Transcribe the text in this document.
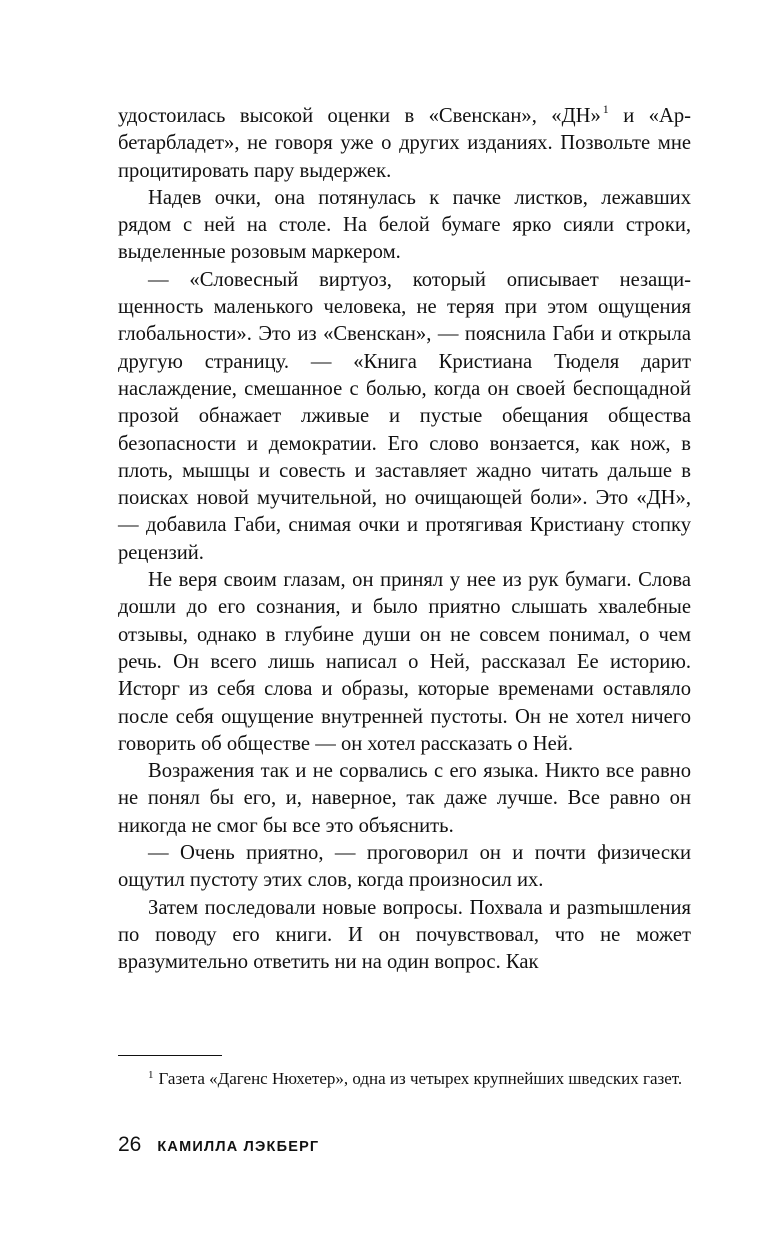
удостоилась высокой оценки в «Свенскан», «ДН» $^1$ и «Арбетарбладет», не говоря уже о других изданиях. Позвольте мне процитировать пару выдержек.

Надев очки, она потянулась к пачке листков, лежавших рядом с ней на столе. На белой бумаге ярко сияли строки, выделенные розовым маркером.

— «Словесный виртуоз, который описывает незащищенность маленького человека, не теряя при этом ощущения глобальности». Это из «Свенскан», — пояснила Габи и открыла другую страницу. — «Книга Кристиана Тюделя дарит наслаждение, смешанное с болью, когда он своей беспощадной прозой обнажает лживые и пустые обещания общества безопасности и демократии. Его слово вонзается, как нож, в плоть, мышцы и совесть и заставляет жадно читать дальше в поисках новой мучительной, но очищающей боли». Это «ДН», — добавила Габи, снимая очки и протягивая Кристиану стопку рецензий.

Не веря своим глазам, он принял у нее из рук бумаги. Слова дошли до его сознания, и было приятно слышать хвалебные отзывы, однако в глубине души он не совсем понимал, о чем речь. Он всего лишь написал о Ней, рассказал Ее историю. Исторг из себя слова и образы, которые временами оставляло после себя ощущение внутренней пустоты. Он не хотел ничего говорить об обществе — он хотел рассказать о Ней.

Возражения так и не сорвались с его языка. Никто все равно не понял бы его, и, наверное, так даже лучше. Все равно он никогда не смог бы все это объяснить.

— Очень приятно, — проговорил он и почти физически ощутил пустоту этих слов, когда произносил их.

Затем последовали новые вопросы. Похвала и разmышления по поводу его книги. И он почувствовал, что не может вразумительно ответить ни на один вопрос. Как

$^1$ Газета «Дагенс Нюхетер», одна из четырех крупнейших шведских газет.
26 КАМИЛЛА ЛЭКБЕРГ
